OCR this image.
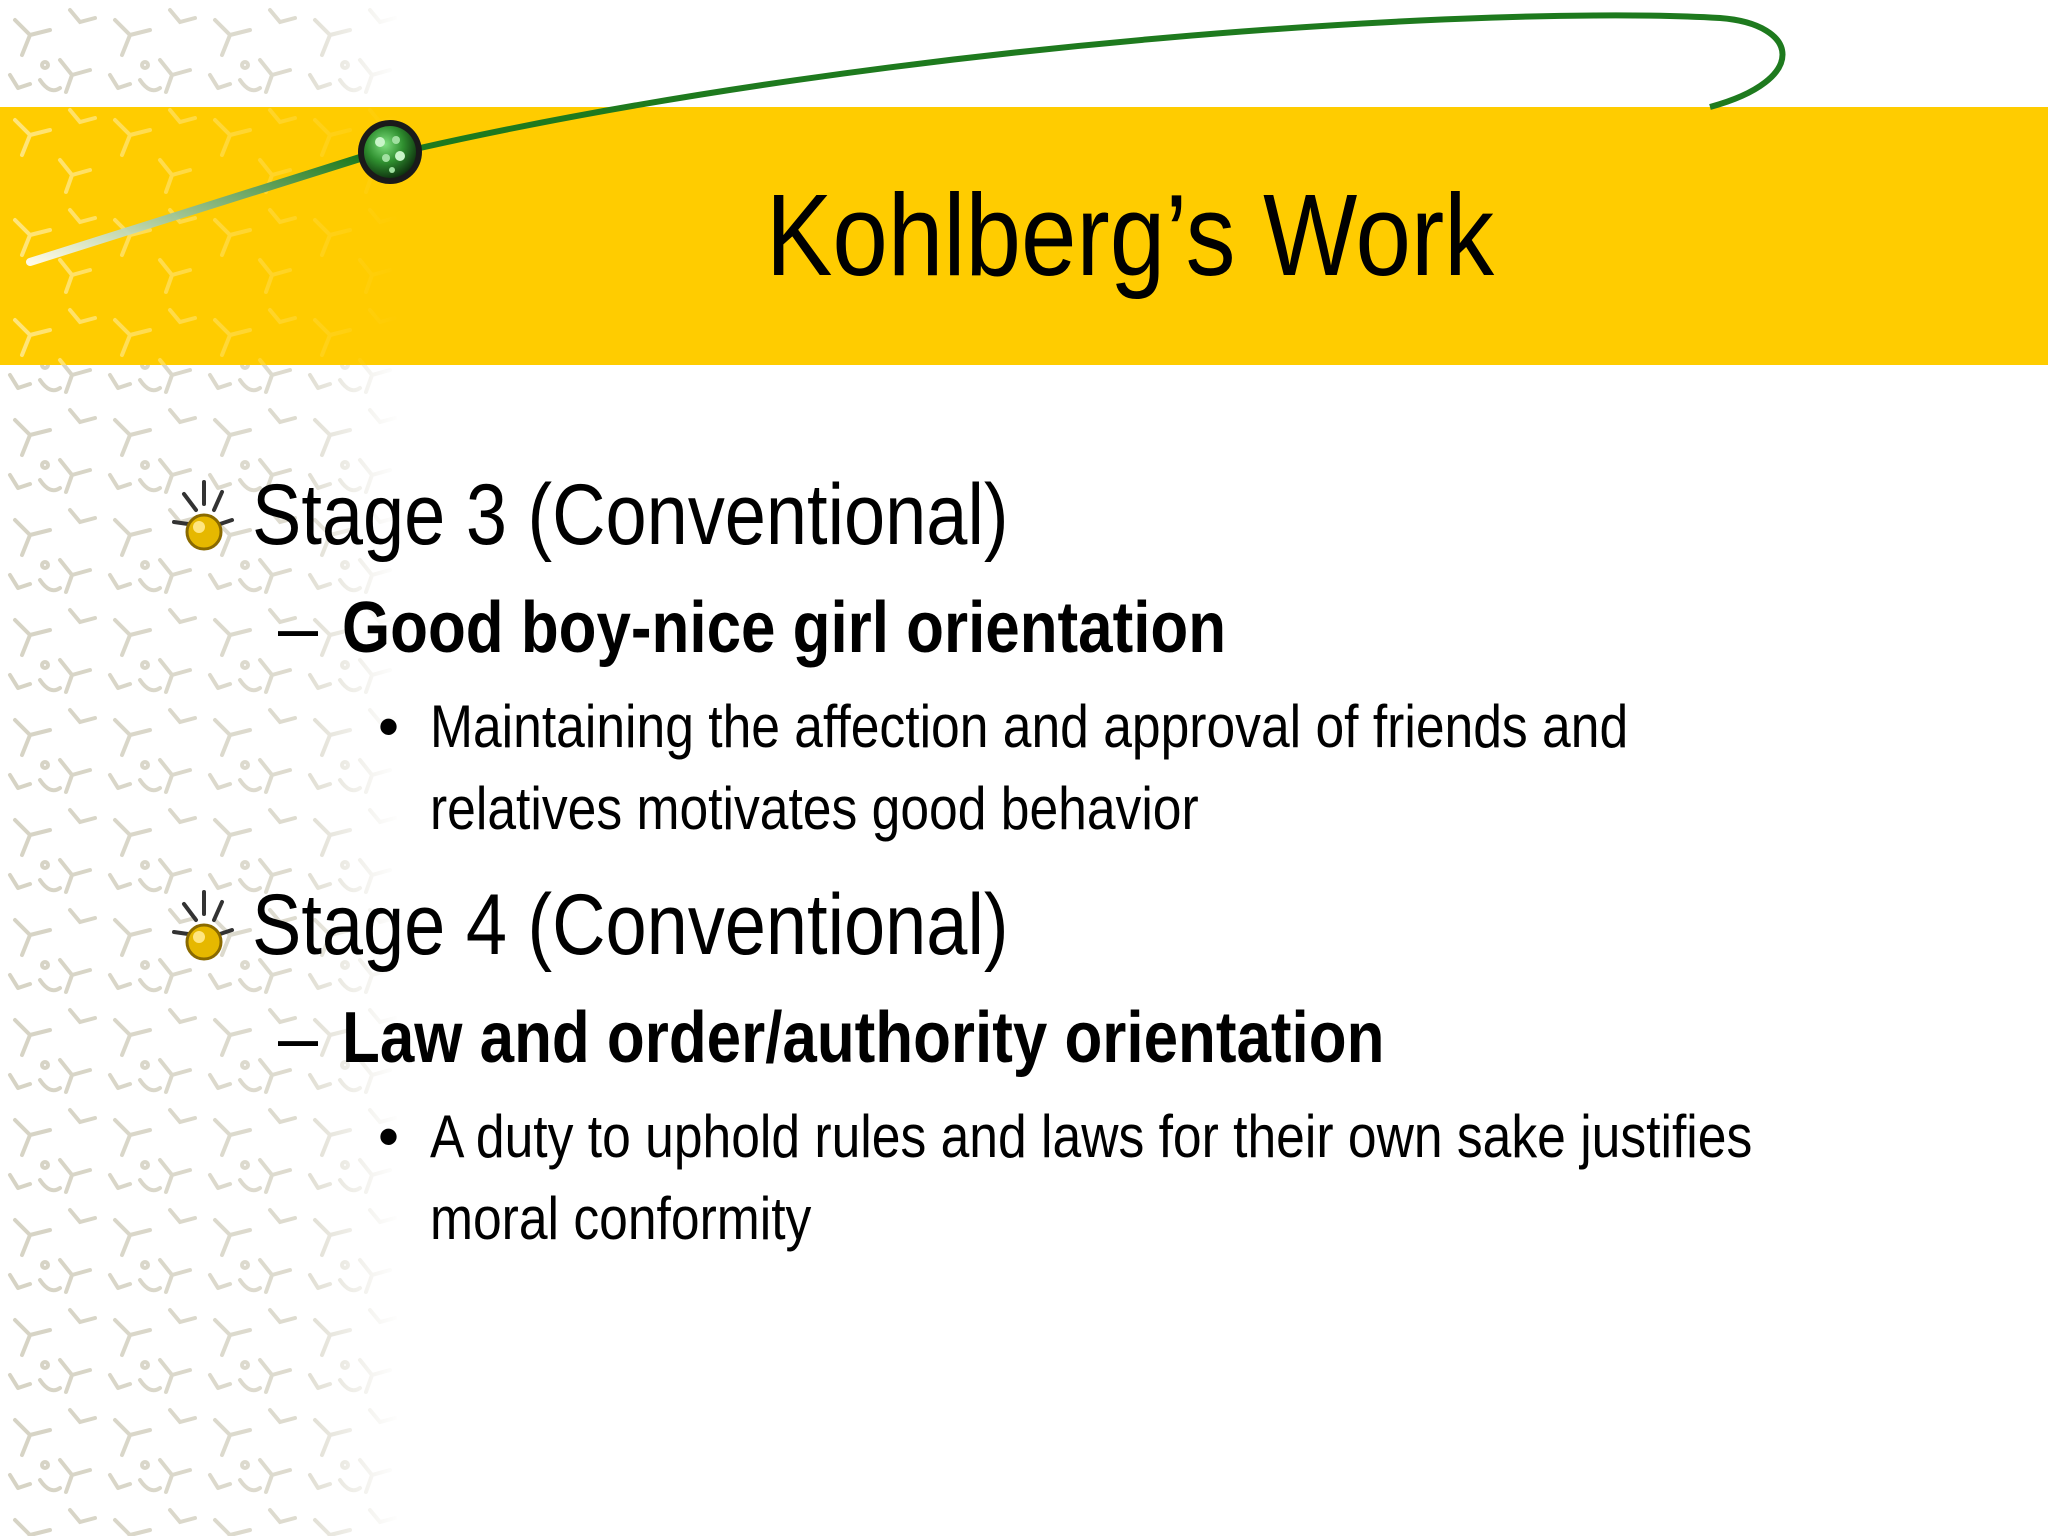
Kohlberg’s Work
Stage 3 (Conventional)
– Good boy-nice girl orientation
• Maintaining the affection and approval of friends and
relatives motivates good behavior
Stage 4 (Conventional)
– Law and order/authority orientation
• A duty to uphold rules and laws for their own sake justifies
moral conformity
